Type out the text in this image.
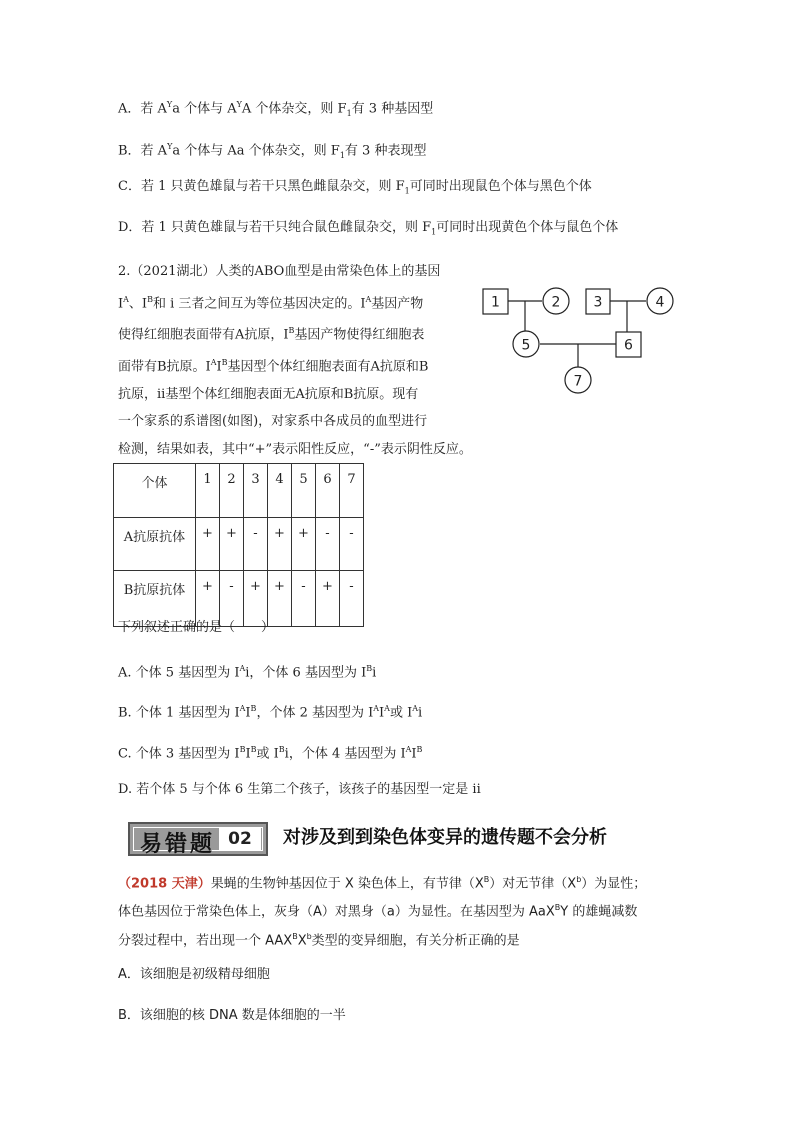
A．若 $A^Ya$ 个体与 $A^YA$ 个体杂交，则 $F_1$有 3 种基因型
B．若 $A^Ya$ 个体与 Aa 个体杂交，则 $F_1$有 3 种表现型
C．若 1 只黄色雄鼠与若干只黑色雌鼠杂交，则 $F_1$可同时出现鼠色个体与黑色个体
D．若 1 只黄色雄鼠与若干只纯合鼠色雌鼠杂交，则 $F_1$可同时出现黄色个体与鼠色个体
2.（2021湖北）人类的ABO血型是由常染色体上的基因
$I^A$、$I^B$和 i 三者之间互为等位基因决定的。$I^A$基因产物
使得红细胞表面带有A抗原，$I^B$基因产物使得红细胞表
面带有B抗原。$I^AI^B$基因型个体红细胞表面有A抗原和B
抗原，ii基型个体红细胞表面无A抗原和B抗原。现有
一个家系的系谱图(如图)，对家系中各成员的血型进行
检测，结果如表，其中“+”表示阳性反应，“-”表示阴性反应。
1	2 3	4
5	6
7
个体	1	2	3	4	5	6	7
A抗原抗体	+	+	-	+	+	-	-
B抗原抗体	+	-	+	+	-	+	-
下列叙述正确的是（　　）
A. 个体 5 基因型为 $I^Ai$，个体 6 基因型为 $I^Bi$
B. 个体 1 基因型为 $I^AI^B$，个体 2 基因型为 $I^AI^A$或 $I^Ai$
C. 个体 3 基因型为 $I^BI^B$或 $I^Bi$，个体 4 基因型为 $I^AI^B$
D. 若个体 5 与个体 6 生第二个孩子，该孩子的基因型一定是 ii
易错题 02	对涉及到到染色体变异的遗传题不会分析
（2018 天津）果蝇的生物钟基因位于 X 染色体上，有节律$(X^B)$对无节律$(X^b)$为显性；
体色基因位于常染色体上，灰身（A）对黑身（a）为显性。在基因型为 AaX$^B$Y 的雄蝇减数
分裂过程中，若出现一个 $AAX^BX^b$类型的变异细胞，有关分析正确的是
A．该细胞是初级精母细胞
B．该细胞的核 DNA 数是体细胞的一半
